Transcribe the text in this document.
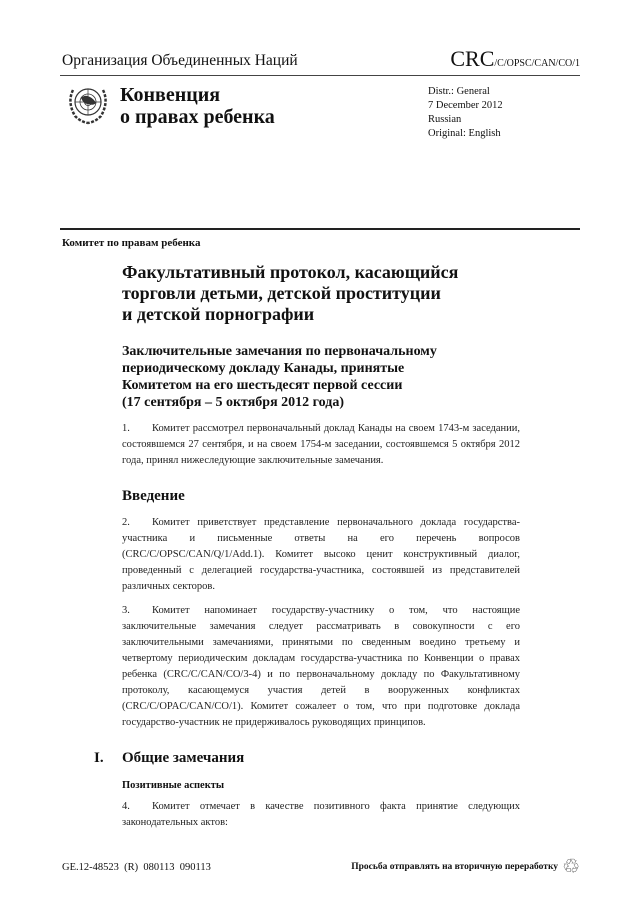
Организация Объединенных Наций	CRC/C/OPSC/CAN/CO/1
Конвенция
о правах ребенка
Distr.: General
7 December 2012
Russian
Original: English
Комитет по правам ребенка
Факультативный протокол, касающийся
торговли детьми, детской проституции
и детской порнографии
Заключительные замечания по первоначальному
периодическому докладу Канады, принятые
Комитетом на его шестьдесят первой сессии
(17 сентября – 5 октября 2012 года)
1. Комитет рассмотрел первоначальный доклад Канады на своем 1743-м заседании, состоявшемся 27 сентября, и на своем 1754-м заседании, состоявшемся 5 октября 2012 года, принял нижеследующие заключительные замечания.
Введение
2. Комитет приветствует представление первоначального доклада государства-участника и письменные ответы на его перечень вопросов (CRC/C/OPSC/CAN/Q/1/Add.1). Комитет высоко ценит конструктивный диалог, проведенный с делегацией государства-участника, состоявшей из представителей различных секторов.
3. Комитет напоминает государству-участнику о том, что настоящие заключительные замечания следует рассматривать в совокупности с его заключительными замечаниями, принятыми по сведенным воедино третьему и четвертому периодическим докладам государства-участника по Конвенции о правах ребенка (CRC/C/CAN/CO/3-4) и по первоначальному докладу по Факультативному протоколу, касающемуся участия детей в вооруженных конфликтах (CRC/C/OPAC/CAN/CO/1). Комитет сожалеет о том, что при подготовке доклада государство-участник не придерживалось руководящих принципов.
I. Общие замечания
Позитивные аспекты
4. Комитет отмечает в качестве позитивного факта принятие следующих законодательных актов:
GE.12-48523  (R)  080113  090113	Просьба отправлять на вторичную переработку ♲
